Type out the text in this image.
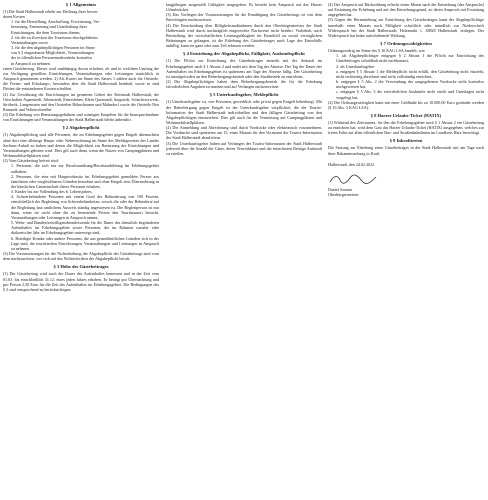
§ 1 Allgemeines

(1) Die Stadt Halberstadt erhebt zur Deckung ihrer beson-

deren Kosten

1. für die Herstellung, Anschaffung, Erweiterung, Ver-

besserung, Erneuerung und Unterhaltung ihrer

Einrichtungen, die dem Tourismus dienen,

2. für die zu Zwecken des Tourismus durchgeführten

Veranstaltungen sowie

3. für die den abgabepflichtigen Personen im Sinne

von § 2 eingeräumte Möglichkeit, Veranstaltungen

der in öffentlichen Personennahverkehr kostenlos

in Anspruch zu nehmen

einen Gästebeitrag. Dieser wird unabhängig davon erhoben, ob und in welchem Umfang die zur Verfügung gestellten Einrichtungen, Veranstaltungen oder Leistungen tatsächlich in Anspruch genommen werden. 2) Als Kurort im Sinne des Satzes 1 zählen auch die Ortsteile, die Ferien- und Erholungs-, besonders aber die Stadt Halberstadt beinhalt, sowie es sind Dritten die entstandenen Kosten schulden.

(2) Zur Gewährung der Einrichtungen im gesamten Gebiet der Kernstadt Halberstadt, die Ortschaften Aspenstedt, Athenstedt, Emersleben, Klein Quenstedt, Sargstedt, Schachtvorwerk, Ströbeck, Langenstein und den Ortsteilen Böhnshausen und Mahndorf sowie die Ortsteile Neu Runstedt und Veltenschwalbe.

(3) Die Erhebung von Benutzungsgebühren und sonstigen Entgelten für die Inanspruchnahme von Einrichtungen und Veranstaltungen der Stadt Halberstadt bleibt unberührt.

§ 2 Abgabenpflicht

(1) Abgabenpflichtig sind alle Personen, die im Erhebungsgebiet gegen Entgelt übernachten ohne dort eine alleinige Haupt- oder Nebenwohnung im Sinne des Meldegesetzes des Landes Sachsen-Anhalt zu haben und denen die Möglichkeit zur Benutzung der Einrichtungen und Veranstaltungen geboten wird. Dies gilt auch dann, wenn die Nutzer von Campingplätzen und Wohnmobilstellplätzen sind.

(2) Vom Gästebeitrag befreit sind:

1. Personen, die sich nur zur Berufsausübung/Berufsausbildung im Erhebungsgebiet aufhalten,

2. Personen, die eine mit Hauptwohnsitz im Erhebungsgebiet gemeldete Person aus familiären oder vergleichbaren Gründen besuchen und ohne Entgelt eine Übernachtung in der häuslichen Gemeinschaft dieser Personen erhalten,

3. Kinder bis zur Vollendung des 6. Lebensjahres,

4. Schwerbehinderte Personen mit einem Grad der Behinderung von 100 Prozent, einschließlich der Begleitung von Schwerbehinderten, soweit die oder der Behinderte auf die Begleitung laut amtlichem Ausweis ständig angewiesen ist. Die Begleitperson ist nur dann, wenn sie nicht ohne die zu betreuende Person den Tourismusort besucht, Veranstaltungen oder Leistungen in Anspruch nimmt,

5. Wehr- und Bundesfreiwilligendienstleistende für die Dauer des dienstlich begründeten Aufenthaltes im Erhebungsgebiet sowie Personen, die im Rahmen sozialer oder diakonischer Jahr im Erhebungsgebiet unterwegs sind,

6. Beteiligte Kranke oder andere Personen, die aus gesundheitlichen Gründen sich in der Lage sind, die touristischen Einrichtungen, Veranstaltungen und Leistungen in Anspruch zu nehmen.

(3) Die Voraussetzungen für die Nichterhebung der Abgabepflicht des Gästebeitrags sind vom dem nachzuweisen, wer sich auf das Nichterfordern der Abgabepflicht beruft.

§ 3 Höhe des Gästebeitrages

(1) Der Gästebeitrag wird nach der Dauer des Aufenthaltes bemessen und in der Zeit vom 01.01. bis einschließlich 31.12. eines jeden Jahres erhoben. Er beträgt pro Übernachtung und pro Person 2,50 Euro für die Zeit des Aufenthaltes im Erhebungsgebiet. Die Bedingungen des § 2 sind entsprechend zu berücksichtigen.

langjährigen ausgestellt Gültigkeit ausgegeben. Es besteht kein Anspruch auf das Harzer Urlaubsticket.

(3) Das Vorliegen der Voraussetzungen für die Ermäßigung des Gästebeitrags ist von dem Berechtigten nachzuweisen.

(4) Die Entscheidung über Billigkeitsmaßnahmen durch den Oberbürgermeister der Stadt Halberstadt wird durch nachträglich eingereichte Nachweise nicht berührt. Vorbehalt, nach Beurteilung der wirtschaftlichen Leistungsfähigkeit im Einzelfall zu sozial verträglichen Belastungen zu gelangen, ist die Erhebung des Gästebeitrages nach Lage des Einzelfalls unbillig, kann sie ganz oder zum Teil erlassen werden.

§ 4 Entstehung der Abgabepflicht, Fälligkeit, Auskunftspflicht

(1) Die Pflicht zur Entrichtung des Gästebeitrages entsteht mit der Ankunft im Erhebungsgebiet nach § 1 Absatz 2 und endet mit dem Tag der Abreise. Der Tag der Dauer des Aufenthaltes im Erhebungsgebiet ist spätestens am Tage der Abreise fällig. Der Gästebeitrag ist unaufgefordert an den Beherbergungsbetrieb oder den Stadtbetrieb zu entrichten.

(2) Die Abgabepflichtigen haben dem Beherbergungsbetrieb die für die Erhebung erforderlichen Angaben zu machen und auf Verlangen nachzuweisen.

§ 5 Unterkunftsgeber, Meldepflicht

(1) Unterkunftsgeber ist, wer Personen, gewerblich oder privat gegen Entgelt beherbergt. Mit der Beherbergung gegen Entgelt ist der Unterkunftsgeber verpflichtet, die der Tourist-Information der Stadt Halberstadt individuellen und den fälligen Gästebeitrag von den Abgabepflichtigen einzuziehen. Dies gilt auch für die Vermietung auf Campingplätzen und Wohnmobilstellplätzen.

(2) Die Anmeldung und Abrechnung sind durch Vordrucke oder elektronisch vorzunehmen. Die Vordrucke sind spätestens am 15. eines Monats für den Vormonat der Tourist-Information der Stadt Halberstadt abzuliefern.

(3) Die Unterkunftsgeber haben auf Verlangen der Tourist-Information der Stadt Halberstadt jederzeit über die Anzahl der Gäste, deren Verweildauer und die entrichteten Beträge Auskunft zu erteilen.

(4) Der Anspruch auf Rückzahlung erlischt einen Monat nach der Entstehung (des Anspruchs) auf Erstattung der Erhebung und auf den Entstehungsgrund, zu deren Anspruch auf Erstattung angegeben hat.

(5) Gegen die Heranziehung zur Entrichtung des Gästebeitrages kann der Abgabepflichtige innerhalb eines Monats nach Fälligkeit schriftlich oder mündlich zur Niederschrift Widerspruch bei der Stadt Halberstadt, Holzmarkt 1, 38820 Halberstadt, einlegen. Der Widerspruch hat keine aufschiebende Wirkung.

§ 7 Ordnungswidrigkeiten

Ordnungswidrig im Sinne des § 16 KAG LSA handelt, wer

1. als Abgabepflichtiger entgegen § 2 Absatz 1 die Pflicht zur Entrichtung des Gästebeitrages schuldhaft nicht nachkommt,

2. als Unterkunftsgeber

a. entgegen § 5 Absatz 1 die Meldepflicht nicht erfüllt, den Gästebeitrag nicht einzieht, nicht rechtzeitig abrechnet und nicht vollständig entrichtet,

b. entgegen § 5 Abs. 2 die Verwendung der ausgegebenen Vordrucke nicht kostenlos nachgewiesen hat,

c. entgegen § 5 Abs. 3 die erforderlichen Auskünfte nicht erteilt und Unterlagen nicht vorgelegt hat,

(2) Die Ordnungswidrigkeit kann mit einer Geldbuße bis zu 10.000,00 Euro geahndet werden (§ 16 Abs. 3 KAG LSA).

§ 8 Harzer Urlaubs-Ticket (HATIX)

(1) Während des Zeitraumes, für den der Erhebungsgebiet nach § 1 Absatz 2 ein Gästebeitrag zu entrichten hat, wird dem Gast das Harzer Urlaubs-Ticket (HATIX) ausgegeben, welches zur freien Fahrt auf allen öffentlichen Bus- und Straßenbahnlinien im Landkreis Harz berechtigt.

§ 9 Inkrafttreten

Die Satzung zur Erhebung eines Gästebeitrages in der Stadt Halberstadt tritt am Tage nach ihrer Bekanntmachung in Kraft.

Halberstadt, den 24.02.2022

Daniel Szarata

Oberbürgermeister
